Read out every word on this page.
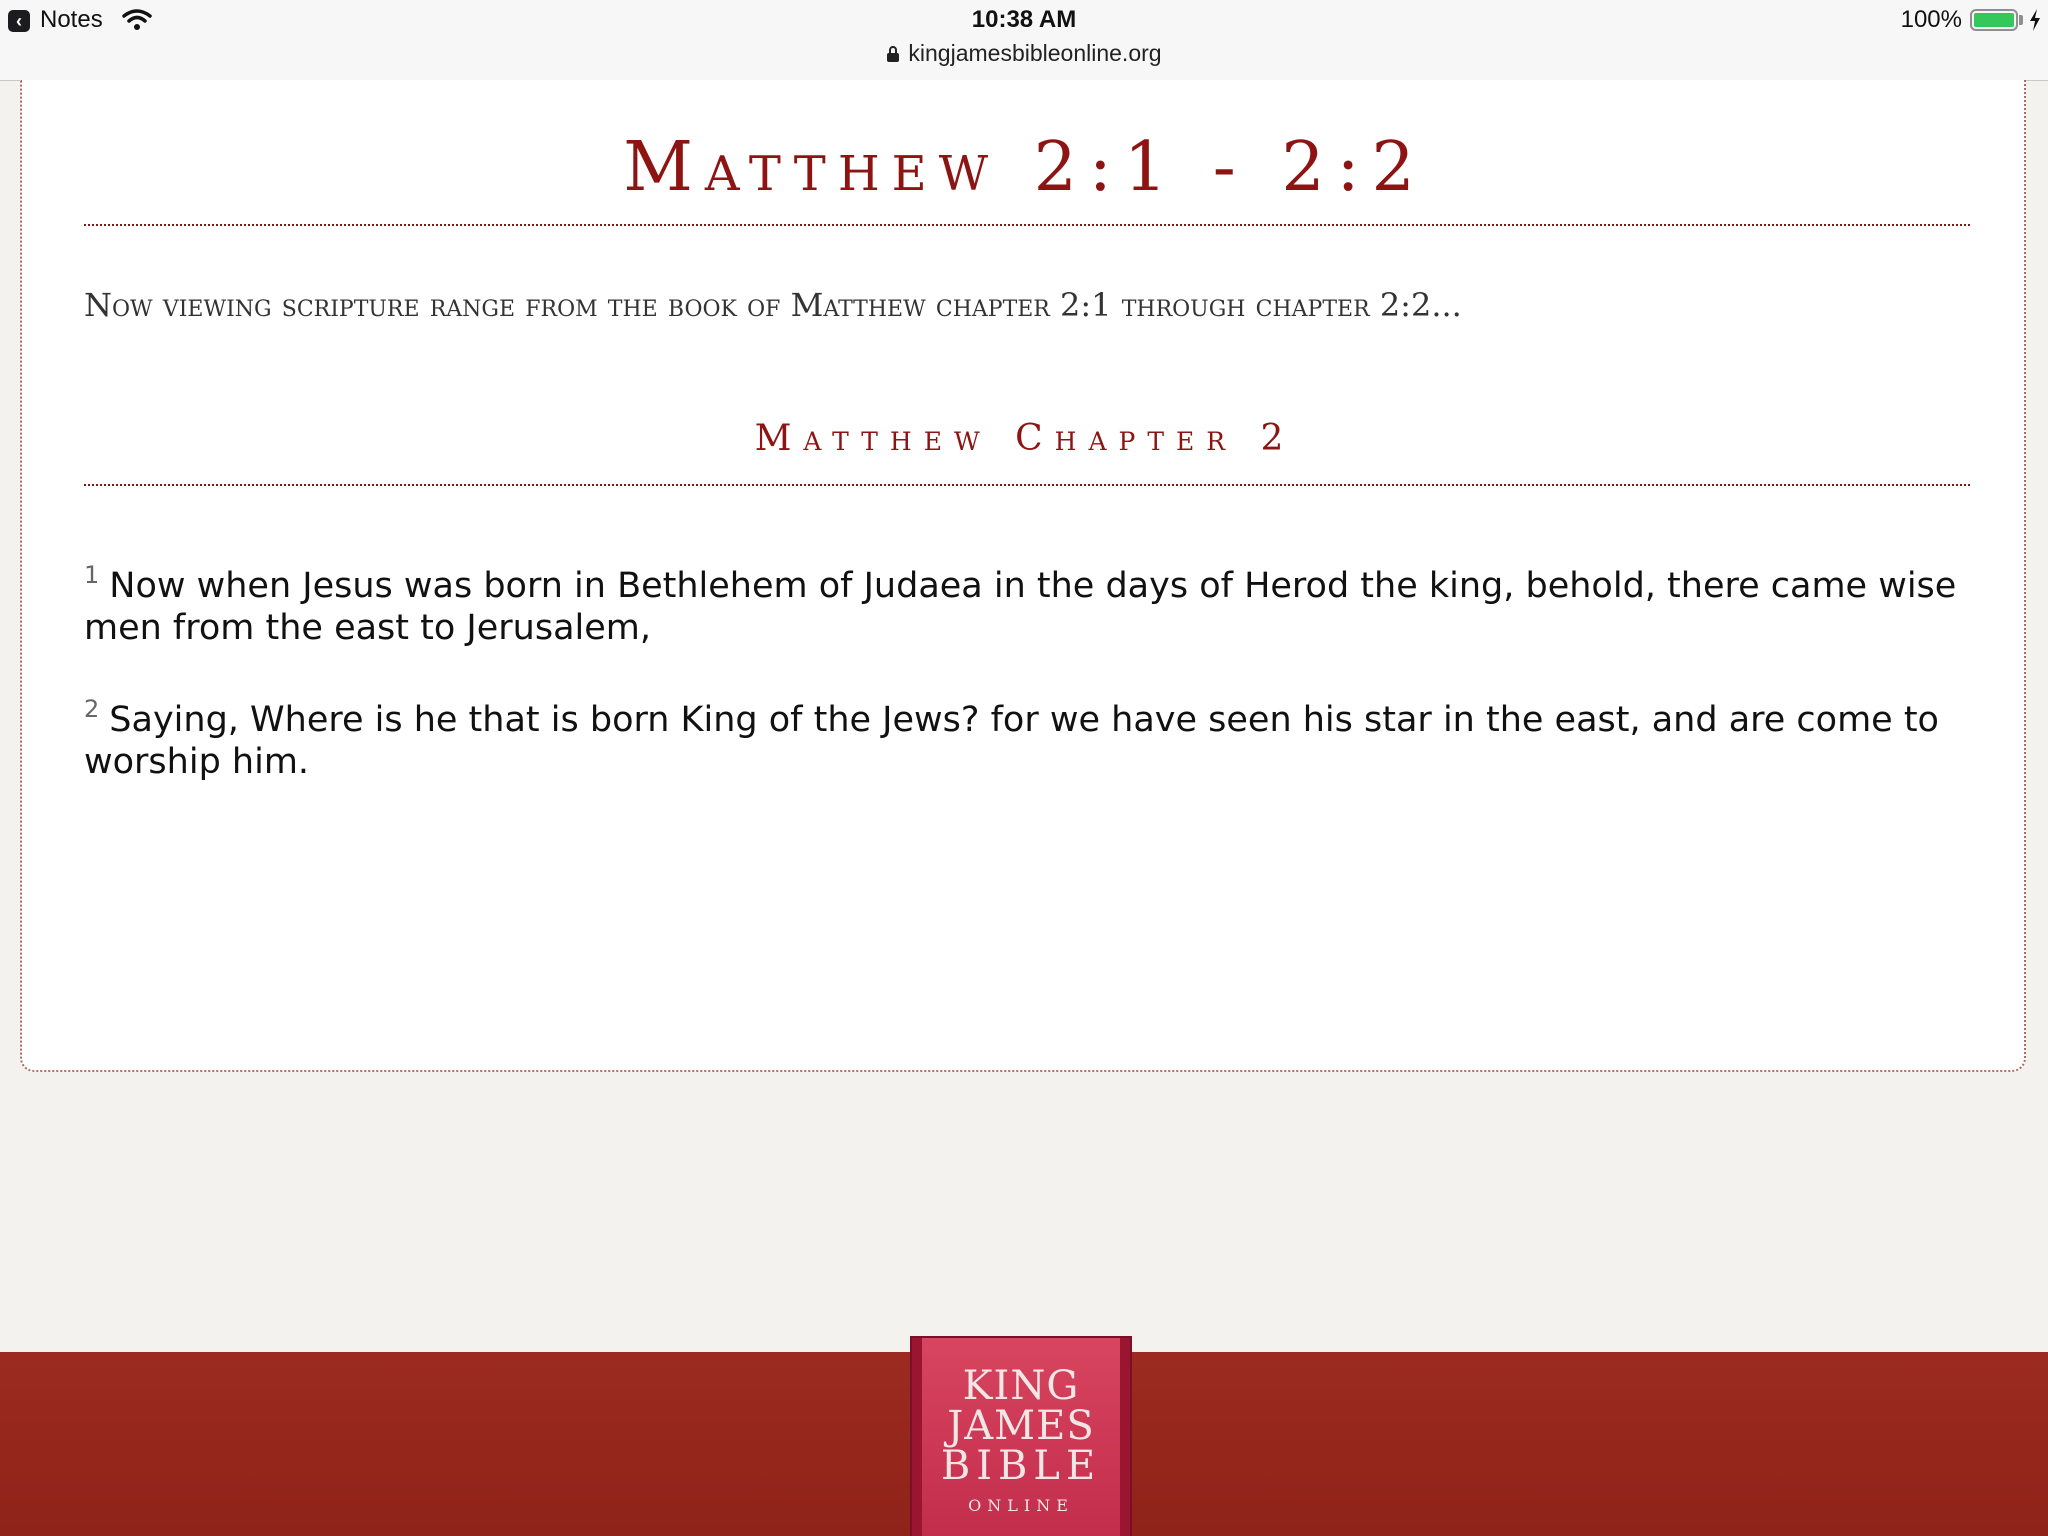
‹ Notes	10:38 AM
kingjamesbibleonline.org
100%
Matthew 2:1 - 2:2
Now viewing scripture range from the book of Matthew chapter 2:1 through chapter 2:2...
Matthew Chapter 2
$^1$ Now when Jesus was born in Bethlehem of Judaea in the days of Herod the king, behold, there came wise men from the east to Jerusalem,
$^2$ Saying, Where is he that is born King of the Jews? for we have seen his star in the east, and are come to worship him.
KING
JAMES
BIBLE
ONLINE
